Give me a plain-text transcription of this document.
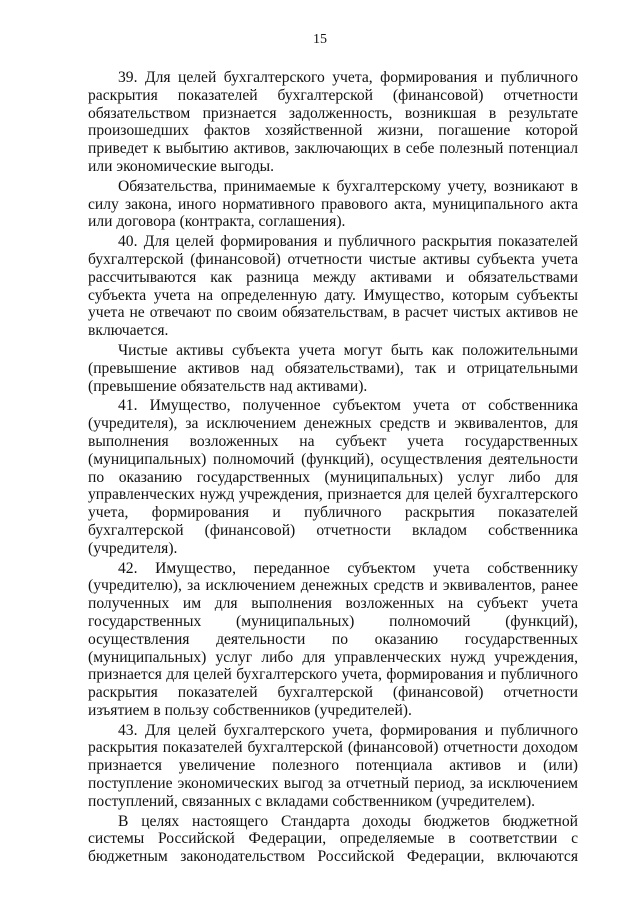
15

39. Для целей бухгалтерского учета, формирования и публичного раскрытия показателей бухгалтерской (финансовой) отчетности обязательством признается задолженность, возникшая в результате произошедших фактов хозяйственной жизни, погашение которой приведет к выбытию активов, заключающих в себе полезный потенциал или экономические выгоды.

Обязательства, принимаемые к бухгалтерскому учету, возникают в силу закона, иного нормативного правового акта, муниципального акта или договора (контракта, соглашения).

40. Для целей формирования и публичного раскрытия показателей бухгалтерской (финансовой) отчетности чистые активы субъекта учета рассчитываются как разница между активами и обязательствами субъекта учета на определенную дату. Имущество, которым субъекты учета не отвечают по своим обязательствам, в расчет чистых активов не включается.

Чистые активы субъекта учета могут быть как положительными (превышение активов над обязательствами), так и отрицательными (превышение обязательств над активами).

41. Имущество, полученное субъектом учета от собственника (учредителя), за исключением денежных средств и эквивалентов, для выполнения возложенных на субъект учета государственных (муниципальных) полномочий (функций), осуществления деятельности по оказанию государственных (муниципальных) услуг либо для управленческих нужд учреждения, признается для целей бухгалтерского учета, формирования и публичного раскрытия показателей бухгалтерской (финансовой) отчетности вкладом собственника (учредителя).

42. Имущество, переданное субъектом учета собственнику (учредителю), за исключением денежных средств и эквивалентов, ранее полученных им для выполнения возложенных на субъект учета государственных (муниципальных) полномочий (функций), осуществления деятельности по оказанию государственных (муниципальных) услуг либо для управленческих нужд учреждения, признается для целей бухгалтерского учета, формирования и публичного раскрытия показателей бухгалтерской (финансовой) отчетности изъятием в пользу собственников (учредителей).

43. Для целей бухгалтерского учета, формирования и публичного раскрытия показателей бухгалтерской (финансовой) отчетности доходом признается увеличение полезного потенциала активов и (или) поступление экономических выгод за отчетный период, за исключением поступлений, связанных с вкладами собственником (учредителем).

В целях настоящего Стандарта доходы бюджетов бюджетной системы Российской Федерации, определяемые в соответствии с бюджетным законодательством Российской Федерации, включаются
